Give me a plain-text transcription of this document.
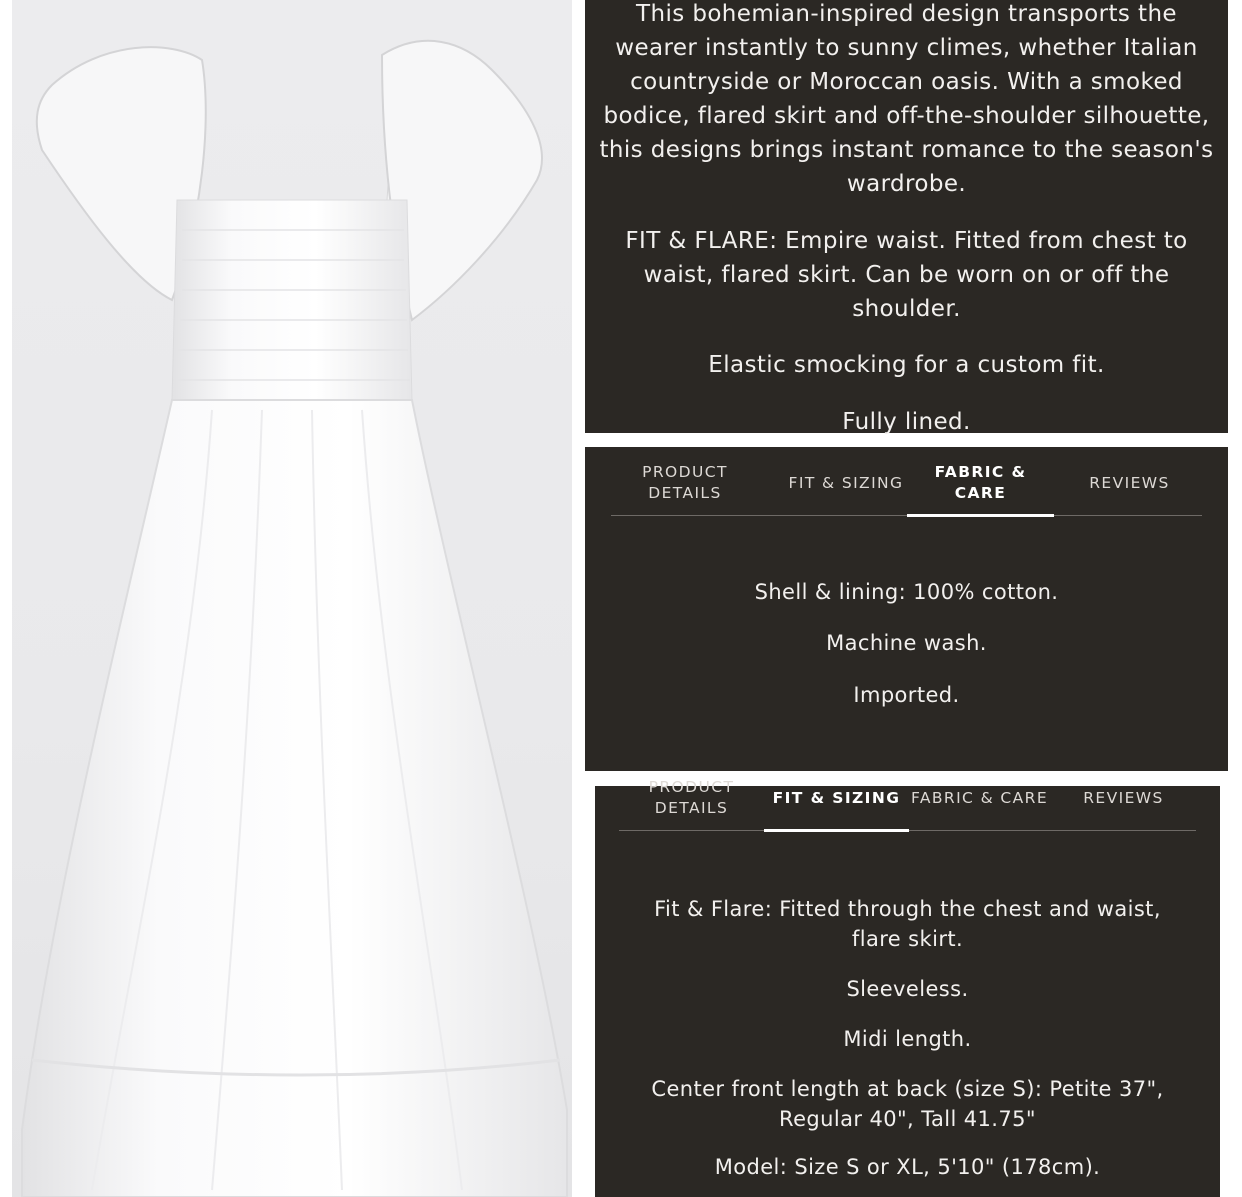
This bohemian-inspired design transports the wearer instantly to sunny climes, whether Italian countryside or Moroccan oasis. With a smoked bodice, flared skirt and off-the-shoulder silhouette, this designs brings instant romance to the season's wardrobe.
FIT & FLARE: Empire waist. Fitted from chest to waist, flared skirt. Can be worn on or off the shoulder.
Elastic smocking for a custom fit.
Fully lined.
PRODUCT DETAILS
FIT & SIZING
FABRIC & CARE
REVIEWS
Shell & lining: 100% cotton.
Machine wash.
Imported.
PRODUCT DETAILS
FIT & SIZING FABRIC & CARE	REVIEWS
Fit & Flare: Fitted through the chest and waist, flare skirt.
Sleeveless.
Midi length.
Center front length at back (size S): Petite 37", Regular 40", Tall 41.75"
Model: Size S or XL, 5'10" (178cm).
